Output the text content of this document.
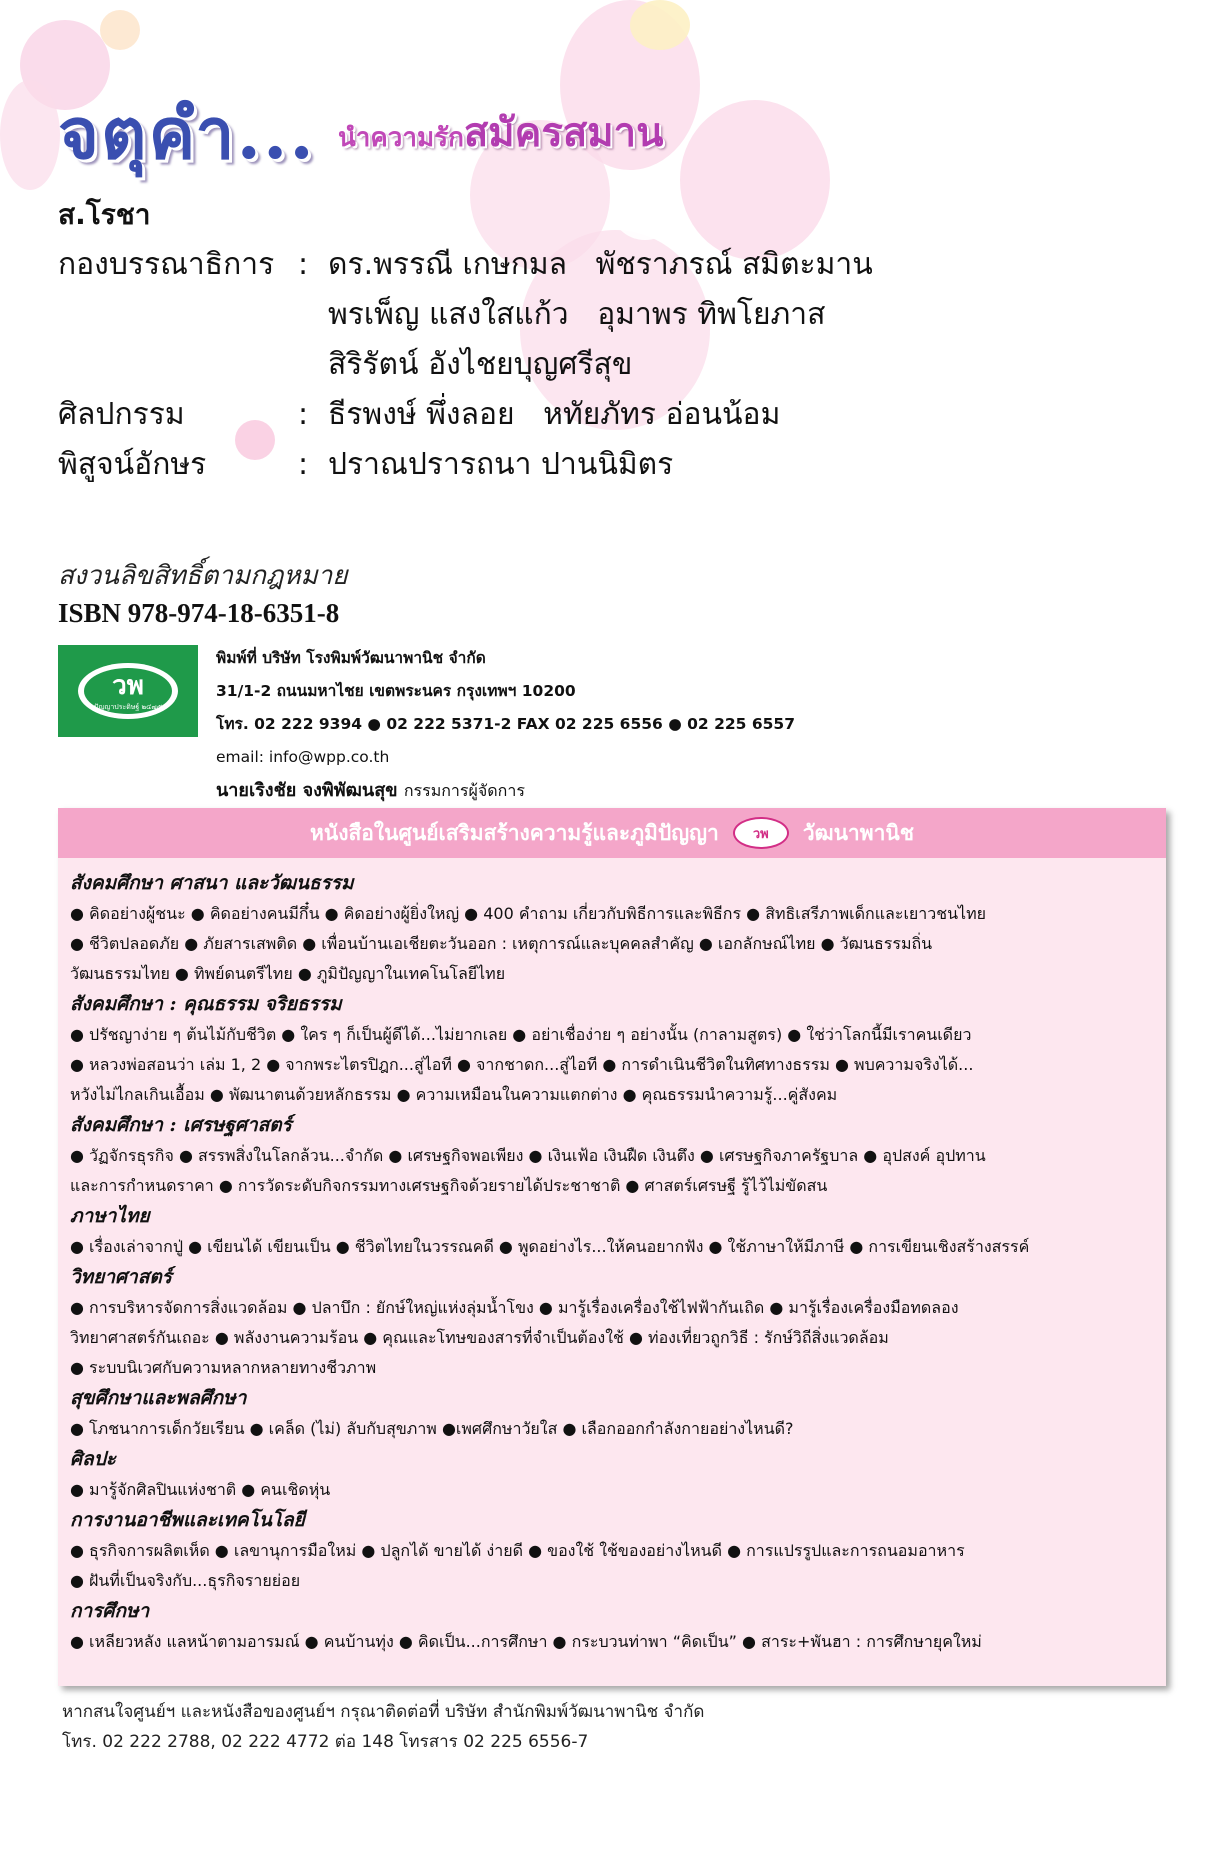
จตุคำ... นำความรักสมัครสมาน
ส.โรชา
กองบรรณาธิการ : ดร.พรรณี เกษกมล   พัชราภรณ์ สมิตะมาน
พรเพ็ญ แสงใสแก้ว   อุมาพร ทิพโยภาส
สิริรัตน์ อังไชยบุญศรีสุข
ศิลปกรรม	: ธีรพงษ์ พึ่งลอย   หทัยภัทร อ่อนน้อม
พิสูจน์อักษร	: ปราณปรารถนา ปานนิมิตร
สงวนลิขสิทธิ์ตามกฎหมาย
ISBN 978-974-18-6351-8
วพ
ปัญญาประดิษฐ์ ๒๔๗๕
พิมพ์ที่ บริษัท โรงพิมพ์วัฒนาพานิช จำกัด
31/1-2 ถนนมหาไชย เขตพระนคร กรุงเทพฯ 10200
โทร. 02 222 9394 ● 02 222 5371-2 FAX 02 225 6556 ● 02 225 6557
email: info@wpp.co.th
นายเริงชัย จงพิพัฒนสุข กรรมการผู้จัดการ
หนังสือในศูนย์เสริมสร้างความรู้และภูมิปัญญา	วพ	วัฒนาพานิช
สังคมศึกษา ศาสนา และวัฒนธรรม
● คิดอย่างผู้ชนะ ● คิดอย่างคนมีกึ๋น ● คิดอย่างผู้ยิ่งใหญ่ ● 400 คำถาม เกี่ยวกับพิธีการและพิธีกร ● สิทธิเสรีภาพเด็กและเยาวชนไทย
● ชีวิตปลอดภัย ● ภัยสารเสพติด ● เพื่อนบ้านเอเชียตะวันออก : เหตุการณ์และบุคคลสำคัญ ● เอกลักษณ์ไทย ● วัฒนธรรมถิ่น
วัฒนธรรมไทย ● ทิพย์ดนตรีไทย ● ภูมิปัญญาในเทคโนโลยีไทย
สังคมศึกษา : คุณธรรม จริยธรรม
● ปรัชญาง่าย ๆ ต้นไม้กับชีวิต ● ใคร ๆ ก็เป็นผู้ดีได้...ไม่ยากเลย ● อย่าเชื่อง่าย ๆ อย่างนั้น (กาลามสูตร) ● ใช่ว่าโลกนี้มีเราคนเดียว
● หลวงพ่อสอนว่า เล่ม 1, 2 ● จากพระไตรปิฎก...สู่ไอที ● จากชาดก...สู่ไอที ● การดำเนินชีวิตในทิศทางธรรม ● พบความจริงได้...
หวังไม่ไกลเกินเอื้อม ● พัฒนาตนด้วยหลักธรรม ● ความเหมือนในความแตกต่าง ● คุณธรรมนำความรู้...คู่สังคม
สังคมศึกษา : เศรษฐศาสตร์
● วัฏจักรธุรกิจ ● สรรพสิ่งในโลกล้วน...จำกัด ● เศรษฐกิจพอเพียง ● เงินเฟ้อ เงินฝืด เงินตึง ● เศรษฐกิจภาครัฐบาล ● อุปสงค์ อุปทาน
และการกำหนดราคา ● การวัดระดับกิจกรรมทางเศรษฐกิจด้วยรายได้ประชาชาติ ● ศาสตร์เศรษฐี รู้ไว้ไม่ขัดสน
ภาษาไทย
● เรื่องเล่าจากปู่ ● เขียนได้ เขียนเป็น ● ชีวิตไทยในวรรณคดี ● พูดอย่างไร...ให้คนอยากฟัง ● ใช้ภาษาให้มีภาษี ● การเขียนเชิงสร้างสรรค์
วิทยาศาสตร์
● การบริหารจัดการสิ่งแวดล้อม ● ปลาบึก : ยักษ์ใหญ่แห่งลุ่มน้ำโขง ● มารู้เรื่องเครื่องใช้ไฟฟ้ากันเถิด ● มารู้เรื่องเครื่องมือทดลอง
วิทยาศาสตร์กันเถอะ ● พลังงานความร้อน ● คุณและโทษของสารที่จำเป็นต้องใช้ ● ท่องเที่ยวถูกวิธี : รักษ์วิถีสิ่งแวดล้อม
● ระบบนิเวศกับความหลากหลายทางชีวภาพ
สุขศึกษาและพลศึกษา
● โภชนาการเด็กวัยเรียน ● เคล็ด (ไม่) ลับกับสุขภาพ ●เพศศึกษาวัยใส ● เลือกออกกำลังกายอย่างไหนดี?
ศิลปะ
● มารู้จักศิลปินแห่งชาติ ● คนเชิดหุ่น
การงานอาชีพและเทคโนโลยี
● ธุรกิจการผลิตเห็ด ● เลขานุการมือใหม่ ● ปลูกได้ ขายได้ ง่ายดี ● ของใช้ ใช้ของอย่างไหนดี ● การแปรรูปและการถนอมอาหาร
● ฝันที่เป็นจริงกับ...ธุรกิจรายย่อย
การศึกษา
● เหลียวหลัง แลหน้าตามอารมณ์ ● คนบ้านทุ่ง ● คิดเป็น...การศึกษา ● กระบวนท่าพา “คิดเป็น” ● สาระ+พันฮา : การศึกษายุคใหม่
หากสนใจศูนย์ฯ และหนังสือของศูนย์ฯ กรุณาติดต่อที่ บริษัท สำนักพิมพ์วัฒนาพานิช จำกัด
โทร. 02 222 2788, 02 222 4772 ต่อ 148 โทรสาร 02 225 6556-7
